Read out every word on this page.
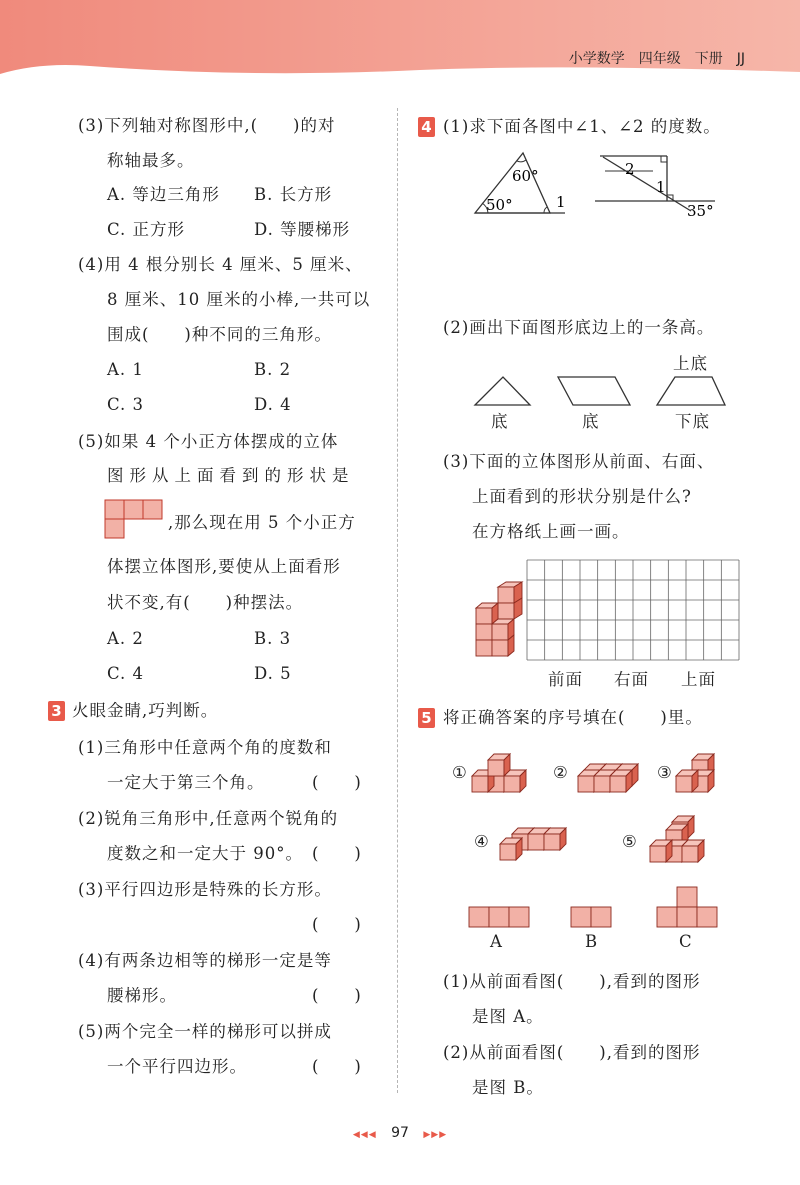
小学数学　四年级　下册　JJ
(3)下列轴对称图形中,(　　)的对
称轴最多。
A. 等边三角形 B. 长方形
C. 正方形	D. 等腰梯形
(4)用 4 根分别长 4 厘米、5 厘米、
8 厘米、10 厘米的小棒,一共可以
围成(　　)种不同的三角形。
A. 1	B. 2
C. 3	D. 4
(5)如果 4 个小正方体摆成的立体
图形从上面看到的形状是
,那么现在用 5 个小正方
体摆立体图形,要使从上面看形
状不变,有(　　)种摆法。
A. 2	B. 3
C. 4	D. 5
3 火眼金睛,巧判断。
(1)三角形中任意两个角的度数和
一定大于第三个角。	(　　)
(2)锐角三角形中,任意两个锐角的
度数之和一定大于 90°。 (　　)
(3)平行四边形是特殊的长方形。
(　　)
(4)有两条边相等的梯形一定是等
腰梯形。	(　　)
(5)两个完全一样的梯形可以拼成
一个平行四边形。	(　　)
4 (1)求下面各图中∠1、∠2 的度数。
50°
60°
1
2
1
35°
(2)画出下面图形底边上的一条高。
上底
底	底	下底
(3)下面的立体图形从前面、右面、
上面看到的形状分别是什么?
在方格纸上画一画。
前面 右面 上面
5 将正确答案的序号填在(　　)里。
①	②	③
④	⑤
A	B	C
(1)从前面看图(　　),看到的图形
是图 A。
(2)从前面看图(　　),看到的图形
是图 B。
◀◀◀ 97 ▶▶▶
